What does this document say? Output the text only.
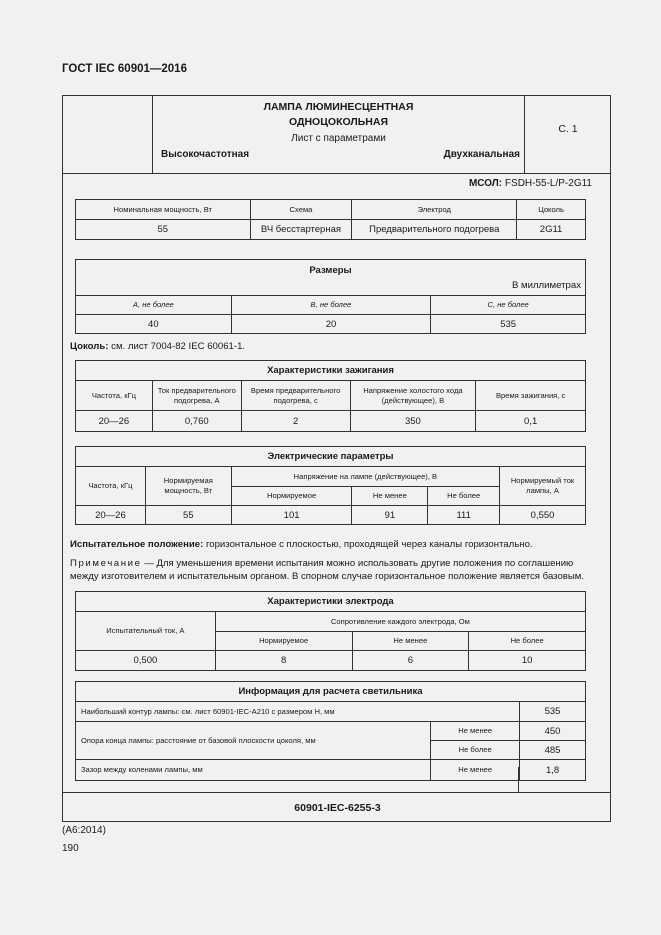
ГОСТ IEC 60901—2016
ЛАМПА ЛЮМИНЕСЦЕНТНАЯ
ОДНОЦОКОЛЬНАЯ
Лист с параметрами
Высокочастотная	Двухканальная
С. 1
60901-IEC-6255-3
МСОЛ: FSDH-55-L/P-2G11
Номинальная мощность, Вт	Схема	Электрод	Цоколь
55	ВЧ бесстартерная	Предварительного подогрева	2G11
Размеры
В миллиметрах		

A, не более	B, не более	C, не более
40	20	535
Цоколь: см. лист 7004-82 IEC 60061-1.
Характеристики зажигания				
Частота, кГц	Ток предварительного подогрева, А	Время предварительного подогрева, с	Напряжение холостого хода (действующее), В	Время зажигания, с
20—26	0,760	2	350	0,1
Электрические параметры					
Частота, кГц	Нормируемая мощность, Вт	Напряжение на лампе (действующее), В			Нормируемый ток лампы, А
		Нормируемое	Не менее	Не более	
20—26	55	101	91	111	0,550
Испытательное положение: горизонтальное с плоскостью, проходящей через каналы горизонтально.
Примечание — Для уменьшения времени испытания можно использовать другие положения по соглашению
между изготовителем и испытательным органом. В спорном случае горизонтальное положение является базовым.
Характеристики электрода			
Испытательный ток, А	Сопротивление каждого электрода, Ом		
	Нормируемое	Не менее	Не более
0,500	8	6	10
Информация для расчета светильника		
Наибольший контур лампы: см. лист 60901-IEC-A210 с размером H, мм		535
Опора конца лампы: расстояние от базовой плоскости цоколя, мм	Не менее	450
	Не более	485
Зазор между коленами лампы, мм	Не менее	1,8
(А6:2014)
190
